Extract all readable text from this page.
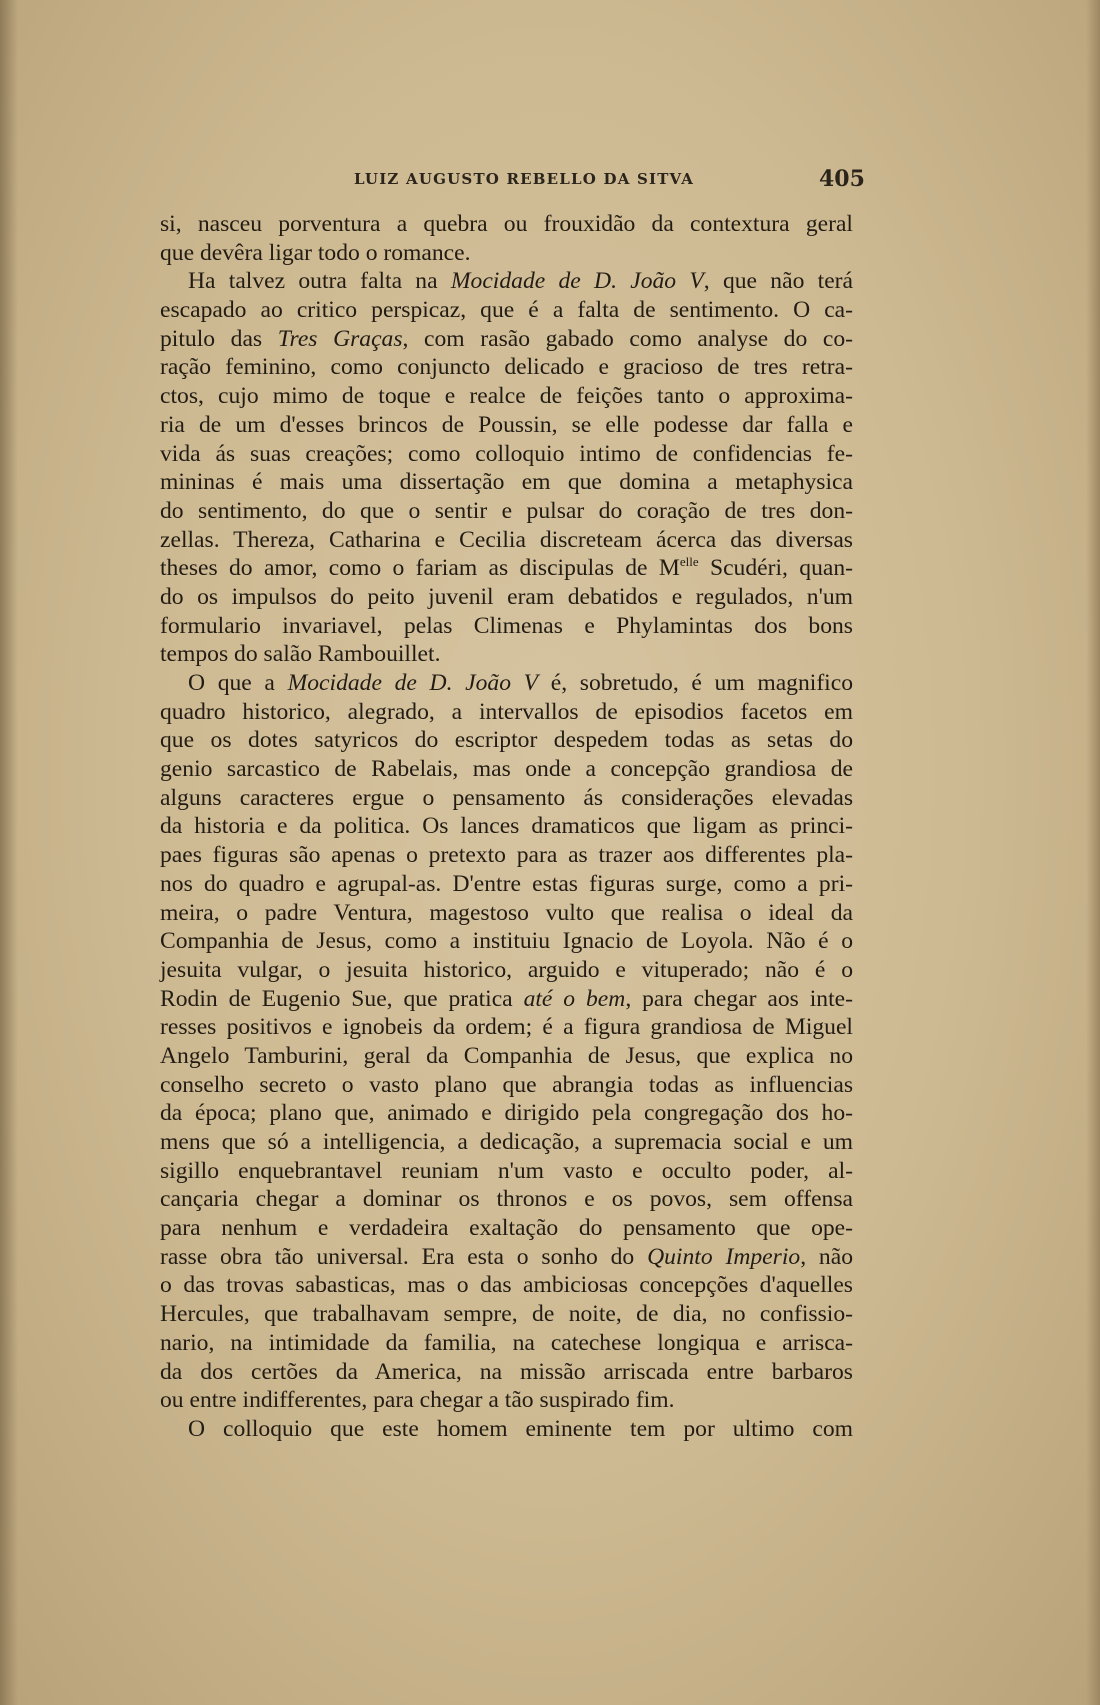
LUIZ AUGUSTO REBELLO DA SITVA	405
si, nasceu porventura a quebra ou frouxidão da contextura geral
que devêra ligar todo o romance.
Ha talvez outra falta na Mocidade de D. João V, que não terá
escapado ao critico perspicaz, que é a falta de sentimento. O ca-
pitulo das Tres Graças, com rasão gabado como analyse do co-
ração feminino, como conjuncto delicado e gracioso de tres retra-
ctos, cujo mimo de toque e realce de feições tanto o approxima-
ria de um d'esses brincos de Poussin, se elle podesse dar falla e
vida ás suas creações; como colloquio intimo de confidencias fe-
mininas é mais uma dissertação em que domina a metaphysica
do sentimento, do que o sentir e pulsar do coração de tres don-
zellas. Thereza, Catharina e Cecilia discreteam ácerca das diversas
theses do amor, como o fariam as discipulas de $M^{elle}$ Scudéri, quan-
do os impulsos do peito juvenil eram debatidos e regulados, n'um
formulario invariavel, pelas Climenas e Phylamintas dos bons
tempos do salão Rambouillet.
O que a Mocidade de D. João V é, sobretudo, é um magnifico
quadro historico, alegrado, a intervallos de episodios facetos em
que os dotes satyricos do escriptor despedem todas as setas do
genio sarcastico de Rabelais, mas onde a concepção grandiosa de
alguns caracteres ergue o pensamento ás considerações elevadas
da historia e da politica. Os lances dramaticos que ligam as princi-
paes figuras são apenas o pretexto para as trazer aos differentes pla-
nos do quadro e agrupal-as. D'entre estas figuras surge, como a pri-
meira, o padre Ventura, magestoso vulto que realisa o ideal da
Companhia de Jesus, como a instituiu Ignacio de Loyola. Não é o
jesuita vulgar, o jesuita historico, arguido e vituperado; não é o
Rodin de Eugenio Sue, que pratica até o bem, para chegar aos inte-
resses positivos e ignobeis da ordem; é a figura grandiosa de Miguel
Angelo Tamburini, geral da Companhia de Jesus, que explica no
conselho secreto o vasto plano que abrangia todas as influencias
da época; plano que, animado e dirigido pela congregação dos ho-
mens que só a intelligencia, a dedicação, a supremacia social e um
sigillo enquebrantavel reuniam n'um vasto e occulto poder, al-
cançaria chegar a dominar os thronos e os povos, sem offensa
para nenhum e verdadeira exaltação do pensamento que ope-
rasse obra tão universal. Era esta o sonho do Quinto Imperio, não
o das trovas sabasticas, mas o das ambiciosas concepções d'aquelles
Hercules, que trabalhavam sempre, de noite, de dia, no confissio-
nario, na intimidade da familia, na catechese longiqua e arrisca-
da dos certões da America, na missão arriscada entre barbaros
ou entre indifferentes, para chegar a tão suspirado fim.
O colloquio que este homem eminente tem por ultimo com
